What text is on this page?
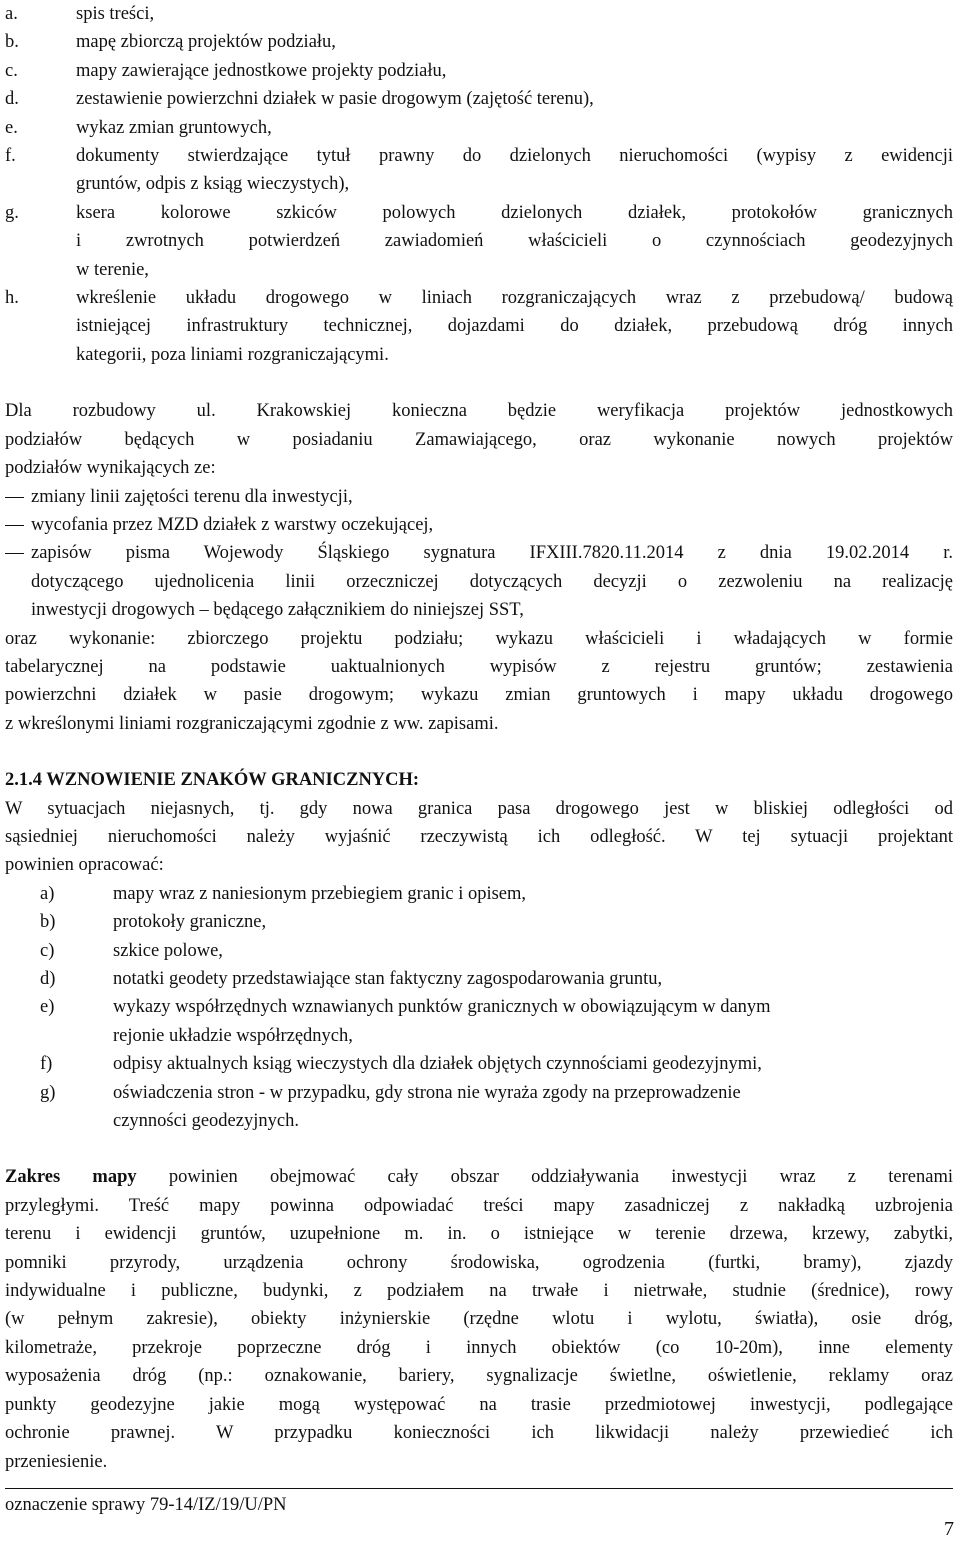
a.	spis treści,
b.	mapę zbiorczą projektów podziału,
c.	mapy zawierające jednostkowe projekty podziału,
d.	zestawienie powierzchni działek w pasie drogowym (zajętość terenu),
e.	wykaz zmian gruntowych,
f.	dokumenty stwierdzające tytuł prawny do dzielonych nieruchomości (wypisy z ewidencji
gruntów, odpis z ksiąg wieczystych),
g.	ksera kolorowe szkiców polowych dzielonych działek, protokołów granicznych
i zwrotnych potwierdzeń zawiadomień właścicieli o czynnościach geodezyjnych
w terenie,
h.	wkreślenie układu drogowego w liniach rozgraniczających wraz z przebudową/ budową
istniejącej infrastruktury technicznej, dojazdami do działek, przebudową dróg innych
kategorii, poza liniami rozgraniczającymi.
Dla rozbudowy ul. Krakowskiej konieczna będzie weryfikacja projektów jednostkowych
podziałów będących w posiadaniu Zamawiającego, oraz wykonanie nowych projektów
podziałów wynikających ze:
zmiany linii zajętości terenu dla inwestycji,
wycofania przez MZD działek z warstwy oczekującej,
zapisów pisma Wojewody Śląskiego sygnatura IFXIII.7820.11.2014 z dnia 19.02.2014 r.
dotyczącego ujednolicenia linii orzeczniczej dotyczących decyzji o zezwoleniu na realizację
inwestycji drogowych – będącego załącznikiem do niniejszej SST,
oraz wykonanie: zbiorczego projektu podziału; wykazu właścicieli i władających w formie
tabelarycznej na podstawie uaktualnionych wypisów z rejestru gruntów; zestawienia
powierzchni działek w pasie drogowym; wykazu zmian gruntowych i mapy układu drogowego
z wkreślonymi liniami rozgraniczającymi zgodnie z ww. zapisami.
2.1.4 WZNOWIENIE ZNAKÓW GRANICZNYCH:
W sytuacjach niejasnych, tj. gdy nowa granica pasa drogowego jest w bliskiej odległości od
sąsiedniej nieruchomości należy wyjaśnić rzeczywistą ich odległość. W tej sytuacji projektant
powinien opracować:
a)	mapy wraz z naniesionym przebiegiem granic i opisem,
b)	protokoły graniczne,
c)	szkice polowe,
d)	notatki geodety przedstawiające stan faktyczny zagospodarowania gruntu,
e)	wykazy współrzędnych wznawianych punktów granicznych w obowiązującym w danym
rejonie układzie współrzędnych,
f)	odpisy aktualnych ksiąg wieczystych dla działek objętych czynnościami geodezyjnymi,
g)	oświadczenia stron - w przypadku, gdy strona nie wyraża zgody na przeprowadzenie
czynności geodezyjnych.
Zakres mapy powinien obejmować cały obszar oddziaływania inwestycji wraz z terenami
przyległymi. Treść mapy powinna odpowiadać treści mapy zasadniczej z nakładką uzbrojenia
terenu i ewidencji gruntów, uzupełnione m. in. o istniejące w terenie drzewa, krzewy, zabytki,
pomniki przyrody, urządzenia ochrony środowiska, ogrodzenia (furtki, bramy), zjazdy
indywidualne i publiczne, budynki, z podziałem na trwałe i nietrwałe, studnie (średnice), rowy
(w pełnym zakresie), obiekty inżynierskie (rzędne wlotu i wylotu, światła), osie dróg,
kilometraże, przekroje poprzeczne dróg i innych obiektów (co 10-20m), inne elementy
wyposażenia dróg (np.: oznakowanie, bariery, sygnalizacje świetlne, oświetlenie, reklamy oraz
punkty geodezyjne jakie mogą występować na trasie przedmiotowej inwestycji, podlegające
ochronie prawnej. W przypadku konieczności ich likwidacji należy przewiedieć ich
przeniesienie.
oznaczenie sprawy 79-14/IZ/19/U/PN
7
